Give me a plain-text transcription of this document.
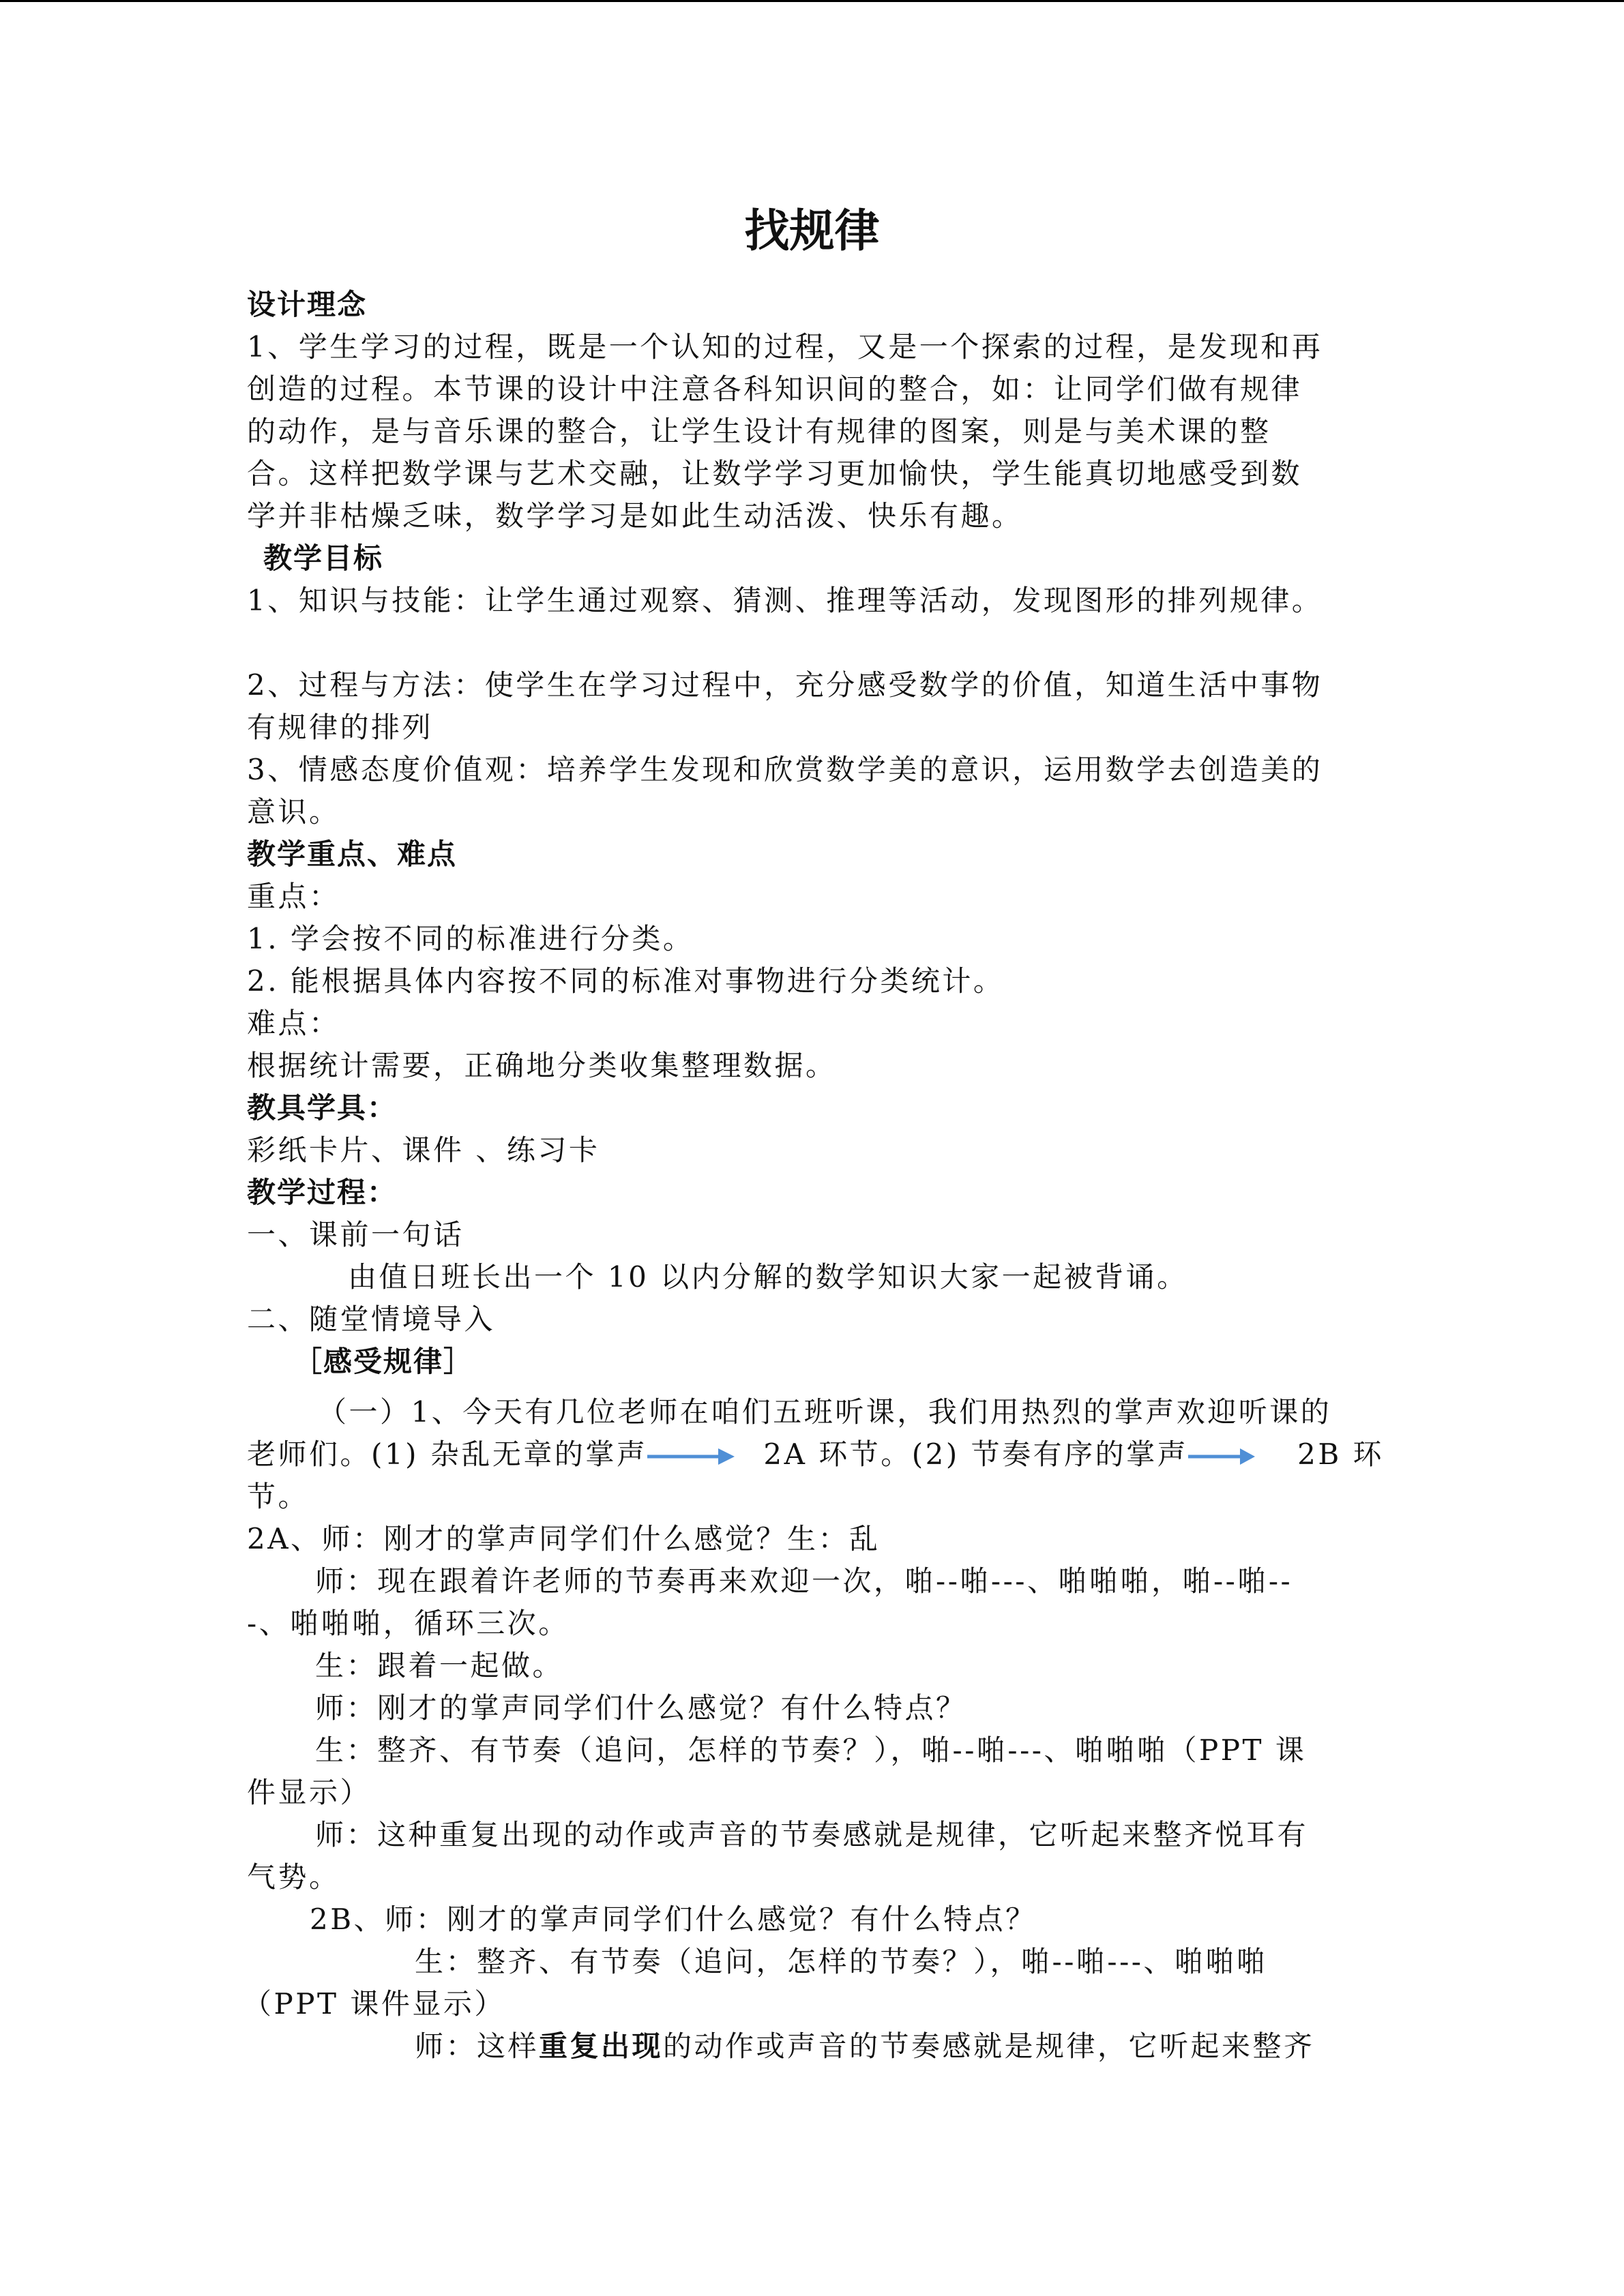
找规律
设计理念
1、学生学习的过程，既是一个认知的过程，又是一个探索的过程，是发现和再
创造的过程。本节课的设计中注意各科知识间的整合，如：让同学们做有规律
的动作，是与音乐课的整合，让学生设计有规律的图案，则是与美术课的整
合。这样把数学课与艺术交融，让数学学习更加愉快，学生能真切地感受到数
学并非枯燥乏味，数学学习是如此生动活泼、快乐有趣。
教学目标
1、知识与技能：让学生通过观察、猜测、推理等活动，发现图形的排列规律。
2、过程与方法：使学生在学习过程中，充分感受数学的价值，知道生活中事物
有规律的排列
3、情感态度价值观：培养学生发现和欣赏数学美的意识，运用数学去创造美的
意识。
教学重点、难点
重点：
1. 学会按不同的标准进行分类。
2. 能根据具体内容按不同的标准对事物进行分类统计。
难点：
根据统计需要，正确地分类收集整理数据。
教具学具：
彩纸卡片、课件 、练习卡
教学过程：
一、课前一句话
由值日班长出一个 10 以内分解的数学知识大家一起被背诵。
二、随堂情境导入
［感受规律］
（一）1、今天有几位老师在咱们五班听课，我们用热烈的掌声欢迎听课的
老师们。(1) 杂乱无章的掌声	2A 环节。(2) 节奏有序的掌声	2B 环
节。
2A、师：刚才的掌声同学们什么感觉？生：乱
师：现在跟着许老师的节奏再来欢迎一次，啪--啪---、啪啪啪，啪--啪--
-、啪啪啪，循环三次。
生：跟着一起做。
师：刚才的掌声同学们什么感觉？有什么特点？
生：整齐、有节奏（追问，怎样的节奏？），啪--啪---、啪啪啪（PPT 课
件显示）
师：这种重复出现的动作或声音的节奏感就是规律，它听起来整齐悦耳有
气势。
2B、师：刚才的掌声同学们什么感觉？有什么特点？
生：整齐、有节奏（追问，怎样的节奏？），啪--啪---、啪啪啪
（PPT 课件显示）
师：这样重复出现的动作或声音的节奏感就是规律，它听起来整齐
